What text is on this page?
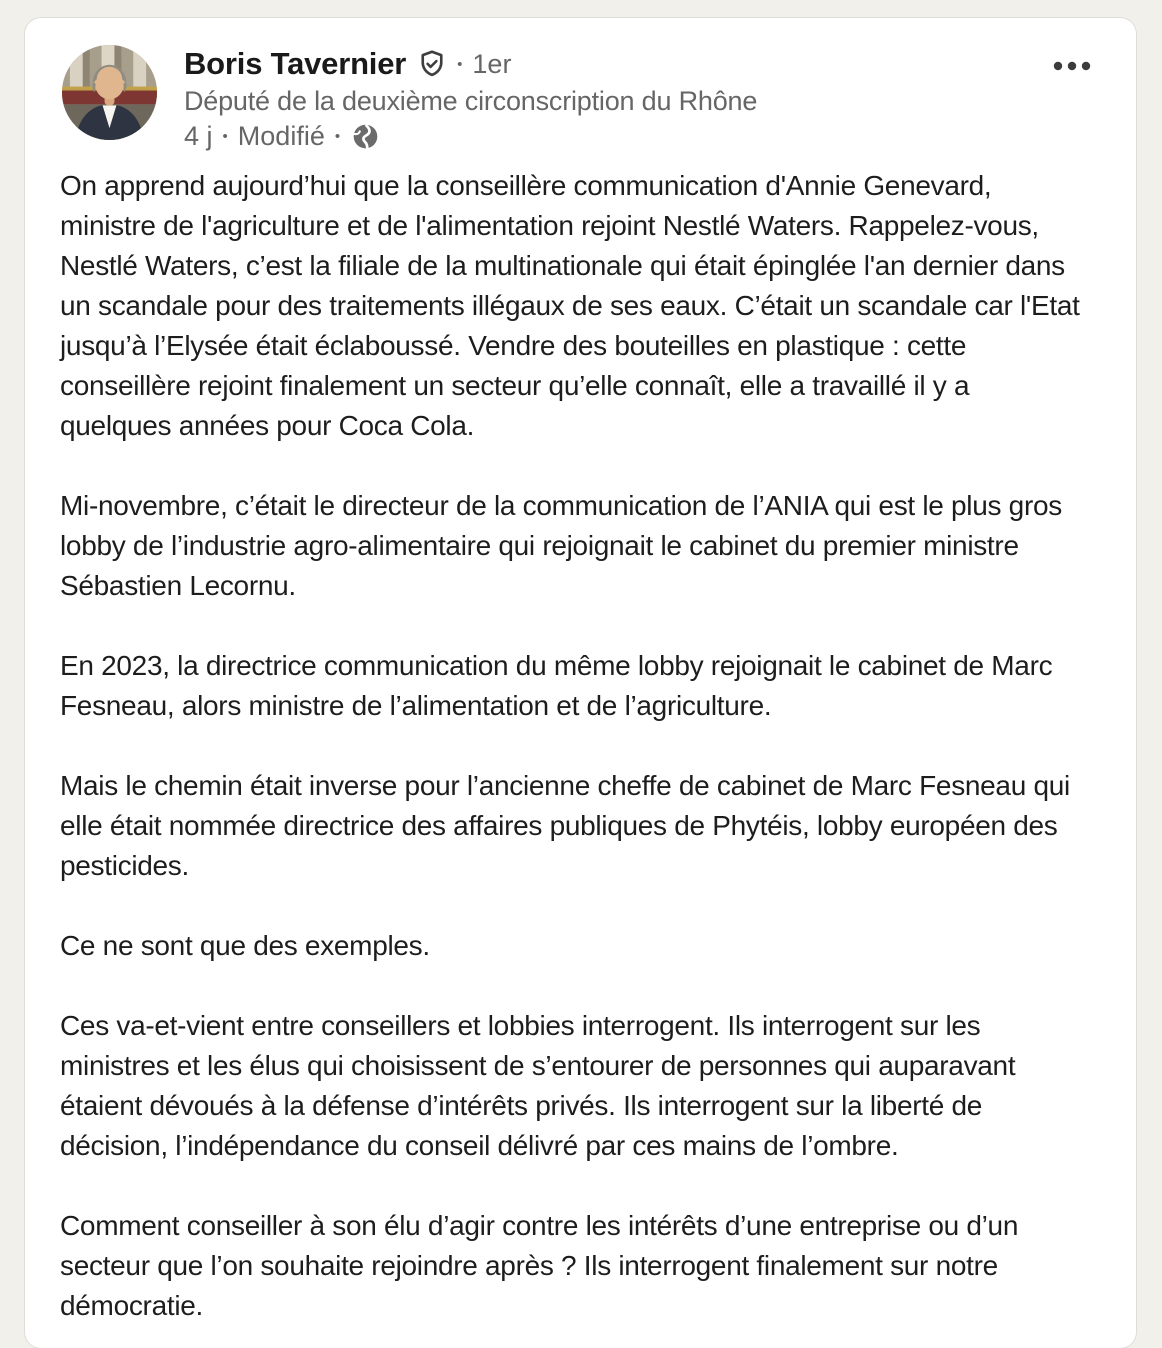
Boris Tavernier	• 1er
Député de la deuxième circonscription du Rhône
4 j • Modifié •

On apprend aujourd’hui que la conseillère communication d'Annie Genevard, ministre de l'agriculture et de l'alimentation rejoint Nestlé Waters. Rappelez-vous, Nestlé Waters, c’est la filiale de la multinationale qui était épinglée l'an dernier dans un scandale pour des traitements illégaux de ses eaux. C’était un scandale car l'Etat jusqu’à l’Elysée était éclaboussé. Vendre des bouteilles en plastique : cette conseillère rejoint finalement un secteur qu’elle connaît, elle a travaillé il y a quelques années pour Coca Cola.

Mi-novembre, c’était le directeur de la communication de l’ANIA qui est le plus gros lobby de l’industrie agro-alimentaire qui rejoignait le cabinet du premier ministre Sébastien Lecornu.

En 2023, la directrice communication du même lobby rejoignait le cabinet de Marc Fesneau, alors ministre de l’alimentation et de l’agriculture.

Mais le chemin était inverse pour l’ancienne cheffe de cabinet de Marc Fesneau qui elle était nommée directrice des affaires publiques de Phytéis, lobby européen des pesticides.

Ce ne sont que des exemples.

Ces va-et-vient entre conseillers et lobbies interrogent. Ils interrogent sur les ministres et les élus qui choisissent de s’entourer de personnes qui auparavant étaient dévoués à la défense d’intérêts privés. Ils interrogent sur la liberté de décision, l’indépendance du conseil délivré par ces mains de l’ombre.

Comment conseiller à son élu d’agir contre les intérêts d’une entreprise ou d’un secteur que l’on souhaite rejoindre après ? Ils interrogent finalement sur notre démocratie.
